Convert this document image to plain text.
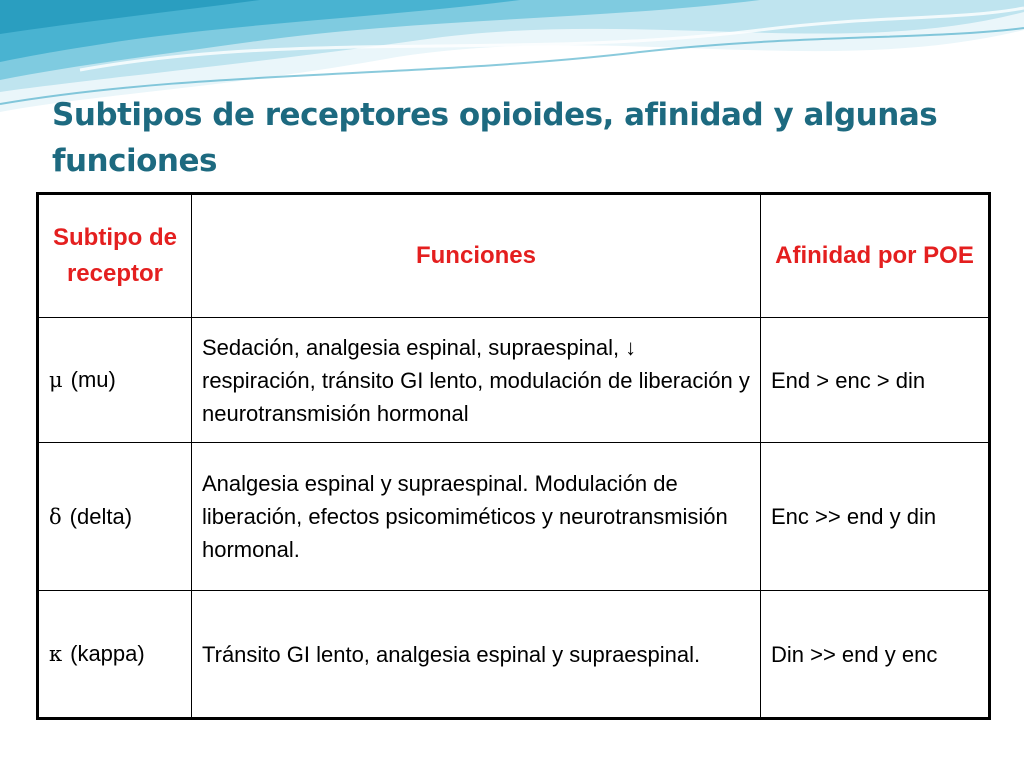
Subtipos de receptores opioides, afinidad y algunas funciones
Subtipo de receptor	Funciones	Afinidad por POE
μ (mu)	Sedación, analgesia espinal, supraespinal, ↓ respiración, tránsito GI lento, modulación de liberación y neurotransmisión hormonal	End > enc > din
δ (delta)	Analgesia espinal y supraespinal. Modulación de liberación, efectos psicomiméticos y neurotransmisión hormonal.	Enc >> end y din
κ (kappa)	Tránsito GI lento, analgesia espinal y supraespinal.	Din >> end y enc
